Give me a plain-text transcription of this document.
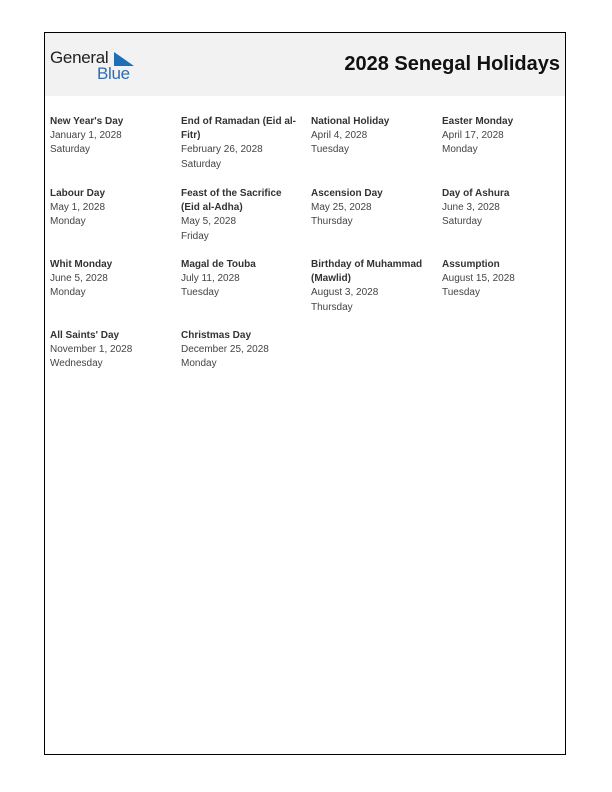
General
Blue	2028 Senegal Holidays
New Year's Day
January 1, 2028
Saturday
End of Ramadan (Eid al-Fitr)
February 26, 2028
Saturday
National Holiday
April 4, 2028
Tuesday
Easter Monday
April 17, 2028
Monday
Labour Day
May 1, 2028
Monday
Feast of the Sacrifice (Eid al-Adha)
May 5, 2028
Friday
Ascension Day
May 25, 2028
Thursday
Day of Ashura
June 3, 2028
Saturday
Whit Monday
June 5, 2028
Monday
Magal de Touba
July 11, 2028
Tuesday
Birthday of Muhammad (Mawlid)
August 3, 2028
Thursday
Assumption
August 15, 2028
Tuesday
All Saints' Day
November 1, 2028
Wednesday
Christmas Day
December 25, 2028
Monday
